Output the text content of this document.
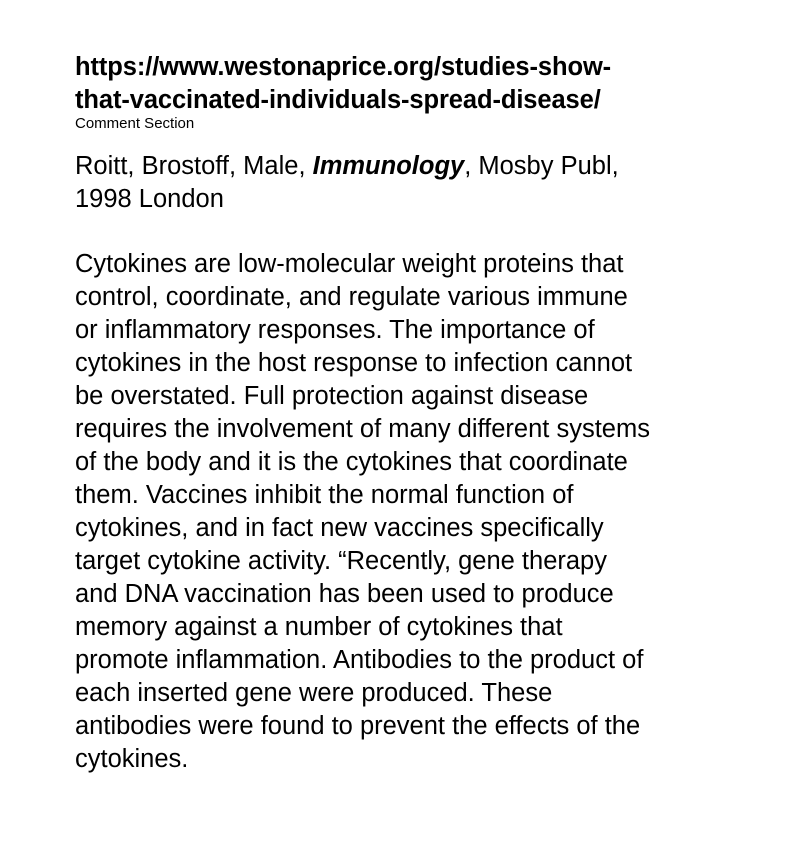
https://www.westonaprice.org/studies-show-
that-vaccinated-individuals-spread-disease/

Comment Section

Roitt, Brostoff, Male, Immunology, Mosby Publ,
1998 London

Cytokines are low-molecular weight proteins that
control, coordinate, and regulate various immune
or inflammatory responses. The importance of
cytokines in the host response to infection cannot
be overstated. Full protection against disease
requires the involvement of many different systems
of the body and it is the cytokines that coordinate
them. Vaccines inhibit the normal function of
cytokines, and in fact new vaccines specifically
target cytokine activity. “Recently, gene therapy
and DNA vaccination has been used to produce
memory against a number of cytokines that
promote inflammation. Antibodies to the product of
each inserted gene were produced. These
antibodies were found to prevent the effects of the
cytokines.
